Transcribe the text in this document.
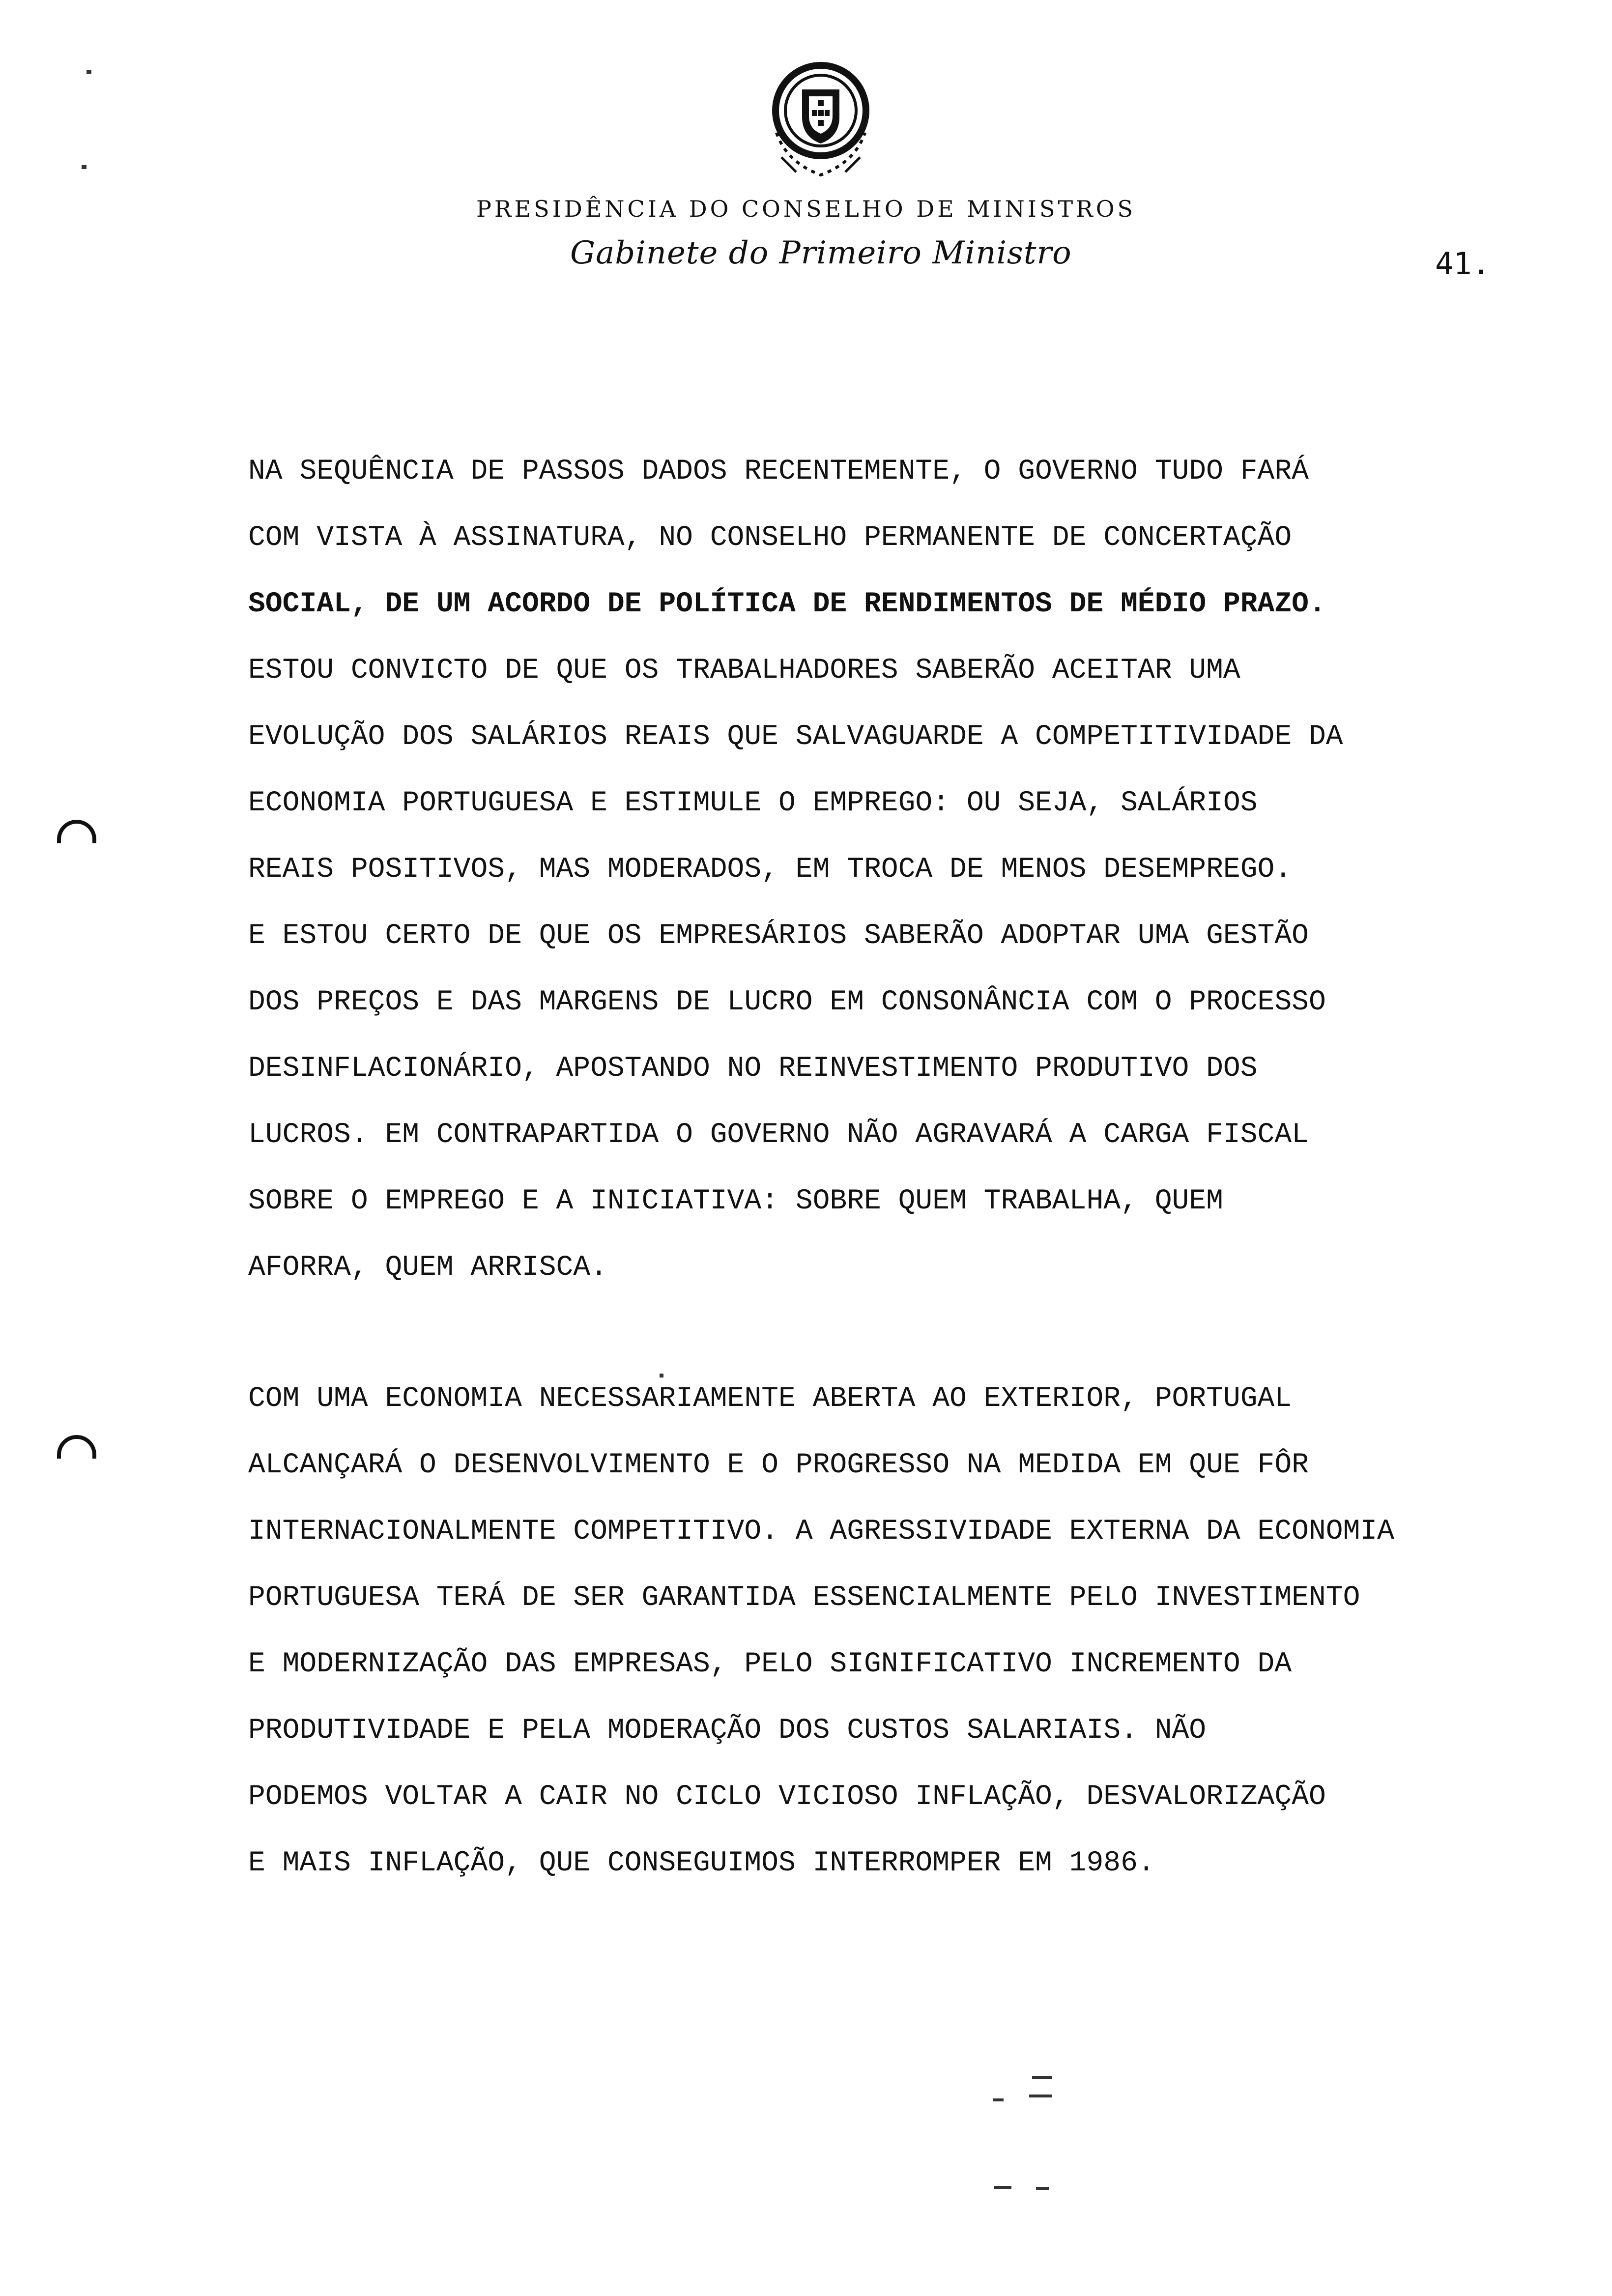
PRESIDÊNCIA DO CONSELHO DE MINISTROS
Gabinete do Primeiro Ministro	41.
NA SEQUÊNCIA DE PASSOS DADOS RECENTEMENTE, O GOVERNO TUDO FARÁ
COM VISTA À ASSINATURA, NO CONSELHO PERMANENTE DE CONCERTAÇÃO
SOCIAL, DE UM ACORDO DE POLÍTICA DE RENDIMENTOS DE MÉDIO PRAZO.
ESTOU CONVICTO DE QUE OS TRABALHADORES SABERÃO ACEITAR UMA
EVOLUÇÃO DOS SALÁRIOS REAIS QUE SALVAGUARDE A COMPETITIVIDADE DA
ECONOMIA PORTUGUESA E ESTIMULE O EMPREGO: OU SEJA, SALÁRIOS
REAIS POSITIVOS, MAS MODERADOS, EM TROCA DE MENOS DESEMPREGO.
E ESTOU CERTO DE QUE OS EMPRESÁRIOS SABERÃO ADOPTAR UMA GESTÃO
DOS PREÇOS E DAS MARGENS DE LUCRO EM CONSONÂNCIA COM O PROCESSO
DESINFLACIONÁRIO, APOSTANDO NO REINVESTIMENTO PRODUTIVO DOS
LUCROS. EM CONTRAPARTIDA O GOVERNO NÃO AGRAVARÁ A CARGA FISCAL
SOBRE O EMPREGO E A INICIATIVA: SOBRE QUEM TRABALHA, QUEM
AFORRA, QUEM ARRISCA.
COM UMA ECONOMIA NECESSARIAMENTE ABERTA AO EXTERIOR, PORTUGAL
ALCANÇARÁ O DESENVOLVIMENTO E O PROGRESSO NA MEDIDA EM QUE FÔR
INTERNACIONALMENTE COMPETITIVO. A AGRESSIVIDADE EXTERNA DA ECONOMIA
PORTUGUESA TERÁ DE SER GARANTIDA ESSENCIALMENTE PELO INVESTIMENTO
E MODERNIZAÇÃO DAS EMPRESAS, PELO SIGNIFICATIVO INCREMENTO DA
PRODUTIVIDADE E PELA MODERAÇÃO DOS CUSTOS SALARIAIS. NÃO
PODEMOS VOLTAR A CAIR NO CICLO VICIOSO INFLAÇÃO, DESVALORIZAÇÃO
E MAIS INFLAÇÃO, QUE CONSEGUIMOS INTERROMPER EM 1986.
